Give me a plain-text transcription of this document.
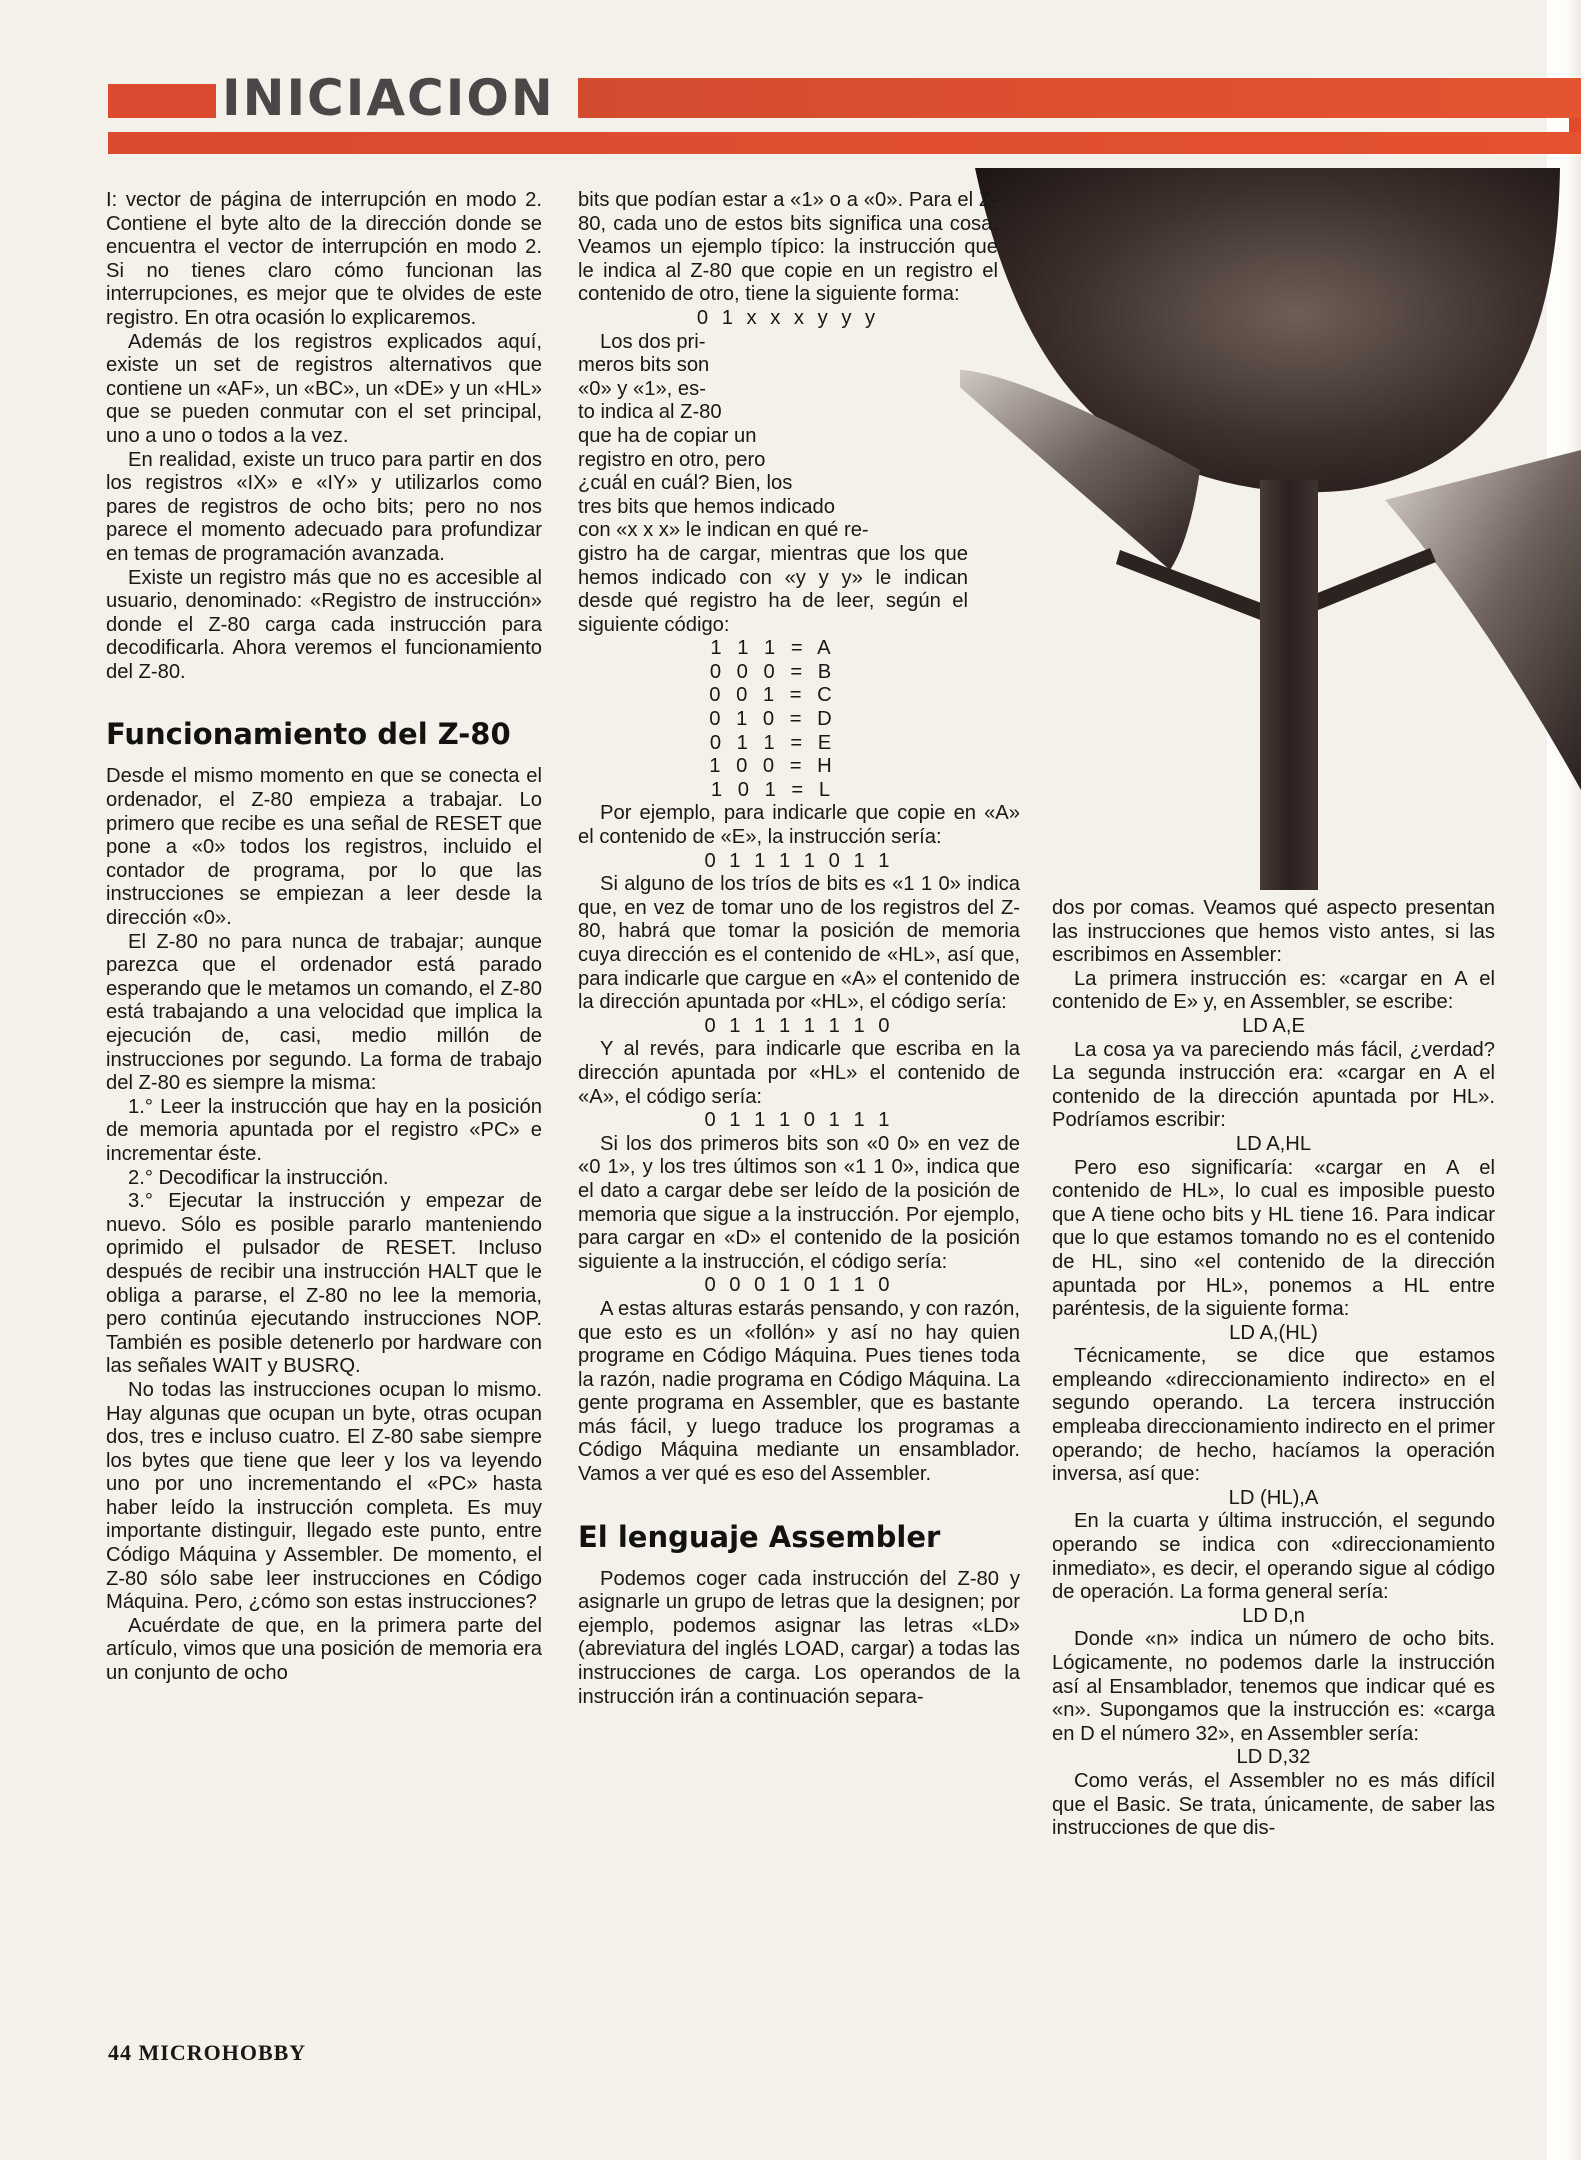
INICIACION

I: vector de página de interrupción en modo 2. Contiene el byte alto de la dirección donde se encuentra el vector de interrupción en modo 2. Si no tienes claro cómo funcionan las interrupciones, es mejor que te olvides de este registro. En otra ocasión lo explicaremos.

Además de los registros explicados aquí, existe un set de registros alternativos que contiene un «AF», un «BC», un «DE» y un «HL» que se pueden conmutar con el set principal, uno a uno o todos a la vez.

En realidad, existe un truco para partir en dos los registros «IX» e «IY» y utilizarlos como pares de registros de ocho bits; pero no nos parece el momento adecuado para profundizar en temas de programación avanzada.

Existe un registro más que no es accesible al usuario, denominado: «Registro de instrucción» donde el Z-80 carga cada instrucción para decodificarla. Ahora veremos el funcionamiento del Z-80.

Funcionamiento del Z-80

Desde el mismo momento en que se conecta el ordenador, el Z-80 empieza a trabajar. Lo primero que recibe es una señal de RESET que pone a «0» todos los registros, incluido el contador de programa, por lo que las instrucciones se empiezan a leer desde la dirección «0».

El Z-80 no para nunca de trabajar; aunque parezca que el ordenador está parado esperando que le metamos un comando, el Z-80 está trabajando a una velocidad que implica la ejecución de, casi, medio millón de instrucciones por segundo. La forma de trabajo del Z-80 es siempre la misma:

1.° Leer la instrucción que hay en la posición de memoria apuntada por el registro «PC» e incrementar éste.

2.° Decodificar la instrucción.

3.° Ejecutar la instrucción y empezar de nuevo. Sólo es posible pararlo manteniendo oprimido el pulsador de RESET. Incluso después de recibir una instrucción HALT que le obliga a pararse, el Z-80 no lee la memoria, pero continúa ejecutando instrucciones NOP. También es posible detenerlo por hardware con las señales WAIT y BUSRQ.

No todas las instrucciones ocupan lo mismo. Hay algunas que ocupan un byte, otras ocupan dos, tres e incluso cuatro. El Z-80 sabe siempre los bytes que tiene que leer y los va leyendo uno por uno incrementando el «PC» hasta haber leído la instrucción completa. Es muy importante distinguir, llegado este punto, entre Código Máquina y Assembler. De momento, el Z-80 sólo sabe leer instrucciones en Código Máquina. Pero, ¿cómo son estas instrucciones?

Acuérdate de que, en la primera parte del artículo, vimos que una posición de memoria era un conjunto de ocho

bits que podían estar a «1» o a «0». Para el Z-80, cada uno de estos bits significa una cosa. Veamos un ejemplo típico: la instrucción que le indica al Z-80 que copie en un registro el contenido de otro, tiene la siguiente forma:

0 1 x x x y y y

Los dos pri-
meros bits son
«0» y «1», es-
to indica al Z-80
que ha de copiar un
registro en otro, pero
¿cuál en cuál? Bien, los
tres bits que hemos indicado
con «x x x» le indican en qué re-

gistro ha de cargar, mientras que los que hemos indicado con «y y y» le indican desde qué registro ha de leer, según el siguiente código:

1 1 1 = A

0 0 0 = B

0 0 1 = C

0 1 0 = D

0 1 1 = E

1 0 0 = H

1 0 1 = L

Por ejemplo, para indicarle que copie en «A» el contenido de «E», la instrucción sería:

0 1 1 1 1 0 1 1

Si alguno de los tríos de bits es «1 1 0» indica que, en vez de tomar uno de los registros del Z-80, habrá que tomar la posición de memoria cuya dirección es el contenido de «HL», así que, para indicarle que cargue en «A» el contenido de la dirección apuntada por «HL», el código sería:

0 1 1 1 1 1 1 0

Y al revés, para indicarle que escriba en la dirección apuntada por «HL» el contenido de «A», el código sería:

0 1 1 1 0 1 1 1

Si los dos primeros bits son «0 0» en vez de «0 1», y los tres últimos son «1 1 0», indica que el dato a cargar debe ser leído de la posición de memoria que sigue a la instrucción. Por ejemplo, para cargar en «D» el contenido de la posición siguiente a la instrucción, el código sería:

0 0 0 1 0 1 1 0

A estas alturas estarás pensando, y con razón, que esto es un «follón» y así no hay quien programe en Código Máquina. Pues tienes toda la razón, nadie programa en Código Máquina. La gente programa en Assembler, que es bastante más fácil, y luego traduce los programas a Código Máquina mediante un ensamblador. Vamos a ver qué es eso del Assembler.

El lenguaje Assembler

Podemos coger cada instrucción del Z-80 y asignarle un grupo de letras que la designen; por ejemplo, podemos asignar las letras «LD» (abreviatura del inglés LOAD, cargar) a todas las instrucciones de carga. Los operandos de la instrucción irán a continuación separa-

dos por comas. Veamos qué aspecto presentan las instrucciones que hemos visto antes, si las escribimos en Assembler:

La primera instrucción es: «cargar en A el contenido de E» y, en Assembler, se escribe:

LD A,E

La cosa ya va pareciendo más fácil, ¿verdad? La segunda instrucción era: «cargar en A el contenido de la dirección apuntada por HL». Podríamos escribir:

LD A,HL

Pero eso significaría: «cargar en A el contenido de HL», lo cual es imposible puesto que A tiene ocho bits y HL tiene 16. Para indicar que lo que estamos tomando no es el contenido de HL, sino «el contenido de la dirección apuntada por HL», ponemos a HL entre paréntesis, de la siguiente forma:

LD A,(HL)

Técnicamente, se dice que estamos empleando «direccionamiento indirecto» en el segundo operando. La tercera instrucción empleaba direccionamiento indirecto en el primer operando; de hecho, hacíamos la operación inversa, así que:

LD (HL),A

En la cuarta y última instrucción, el segundo operando se indica con «direccionamiento inmediato», es decir, el operando sigue al código de operación. La forma general sería:

LD D,n

Donde «n» indica un número de ocho bits. Lógicamente, no podemos darle la instrucción así al Ensamblador, tenemos que indicar qué es «n». Supongamos que la instrucción es: «carga en D el número 32», en Assembler sería:

LD D,32

Como verás, el Assembler no es más difícil que el Basic. Se trata, únicamente, de saber las instrucciones de que dis-

44 MICROHOBBY
